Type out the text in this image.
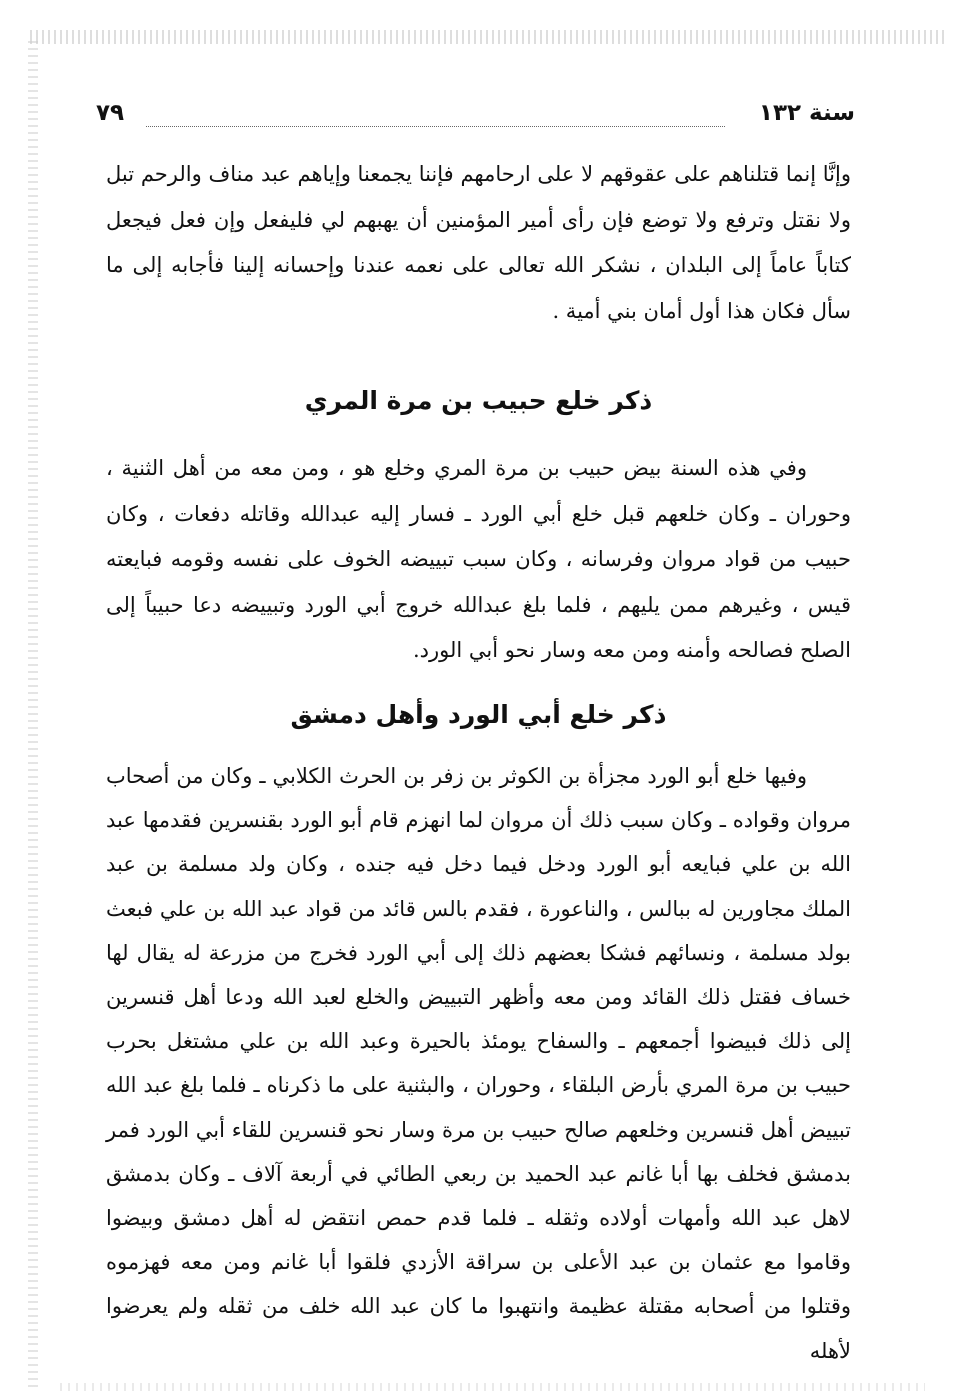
سنة ١٣٢
٧٩

وإنَّا إنما قتلناهم على عقوقهم لا على ارحامهم فإننا يجمعنا وإياهم عبد مناف والرحم تبل ولا نقتل وترفع ولا توضع فإن رأى أمير المؤمنين أن يهبهم لي فليفعل وإن فعل فيجعل كتاباً عاماً إلى البلدان ، نشكر الله تعالى على نعمه عندنا وإحسانه إلينا فأجابه إلى ما سأل فكان هذا أول أمان بني أمية .

ذكر خلع حبيب بن مرة المري

وفي هذه السنة بيض حبيب بن مرة المري وخلع هو ، ومن معه من أهل الثنية ، وحوران ـ وكان خلعهم قبل خلع أبي الورد ـ فسار إليه عبدالله وقاتله دفعات ، وكان حبيب من قواد مروان وفرسانه ، وكان سبب تبييضه الخوف على نفسه وقومه فبايعته قيس ، وغيرهم ممن يليهم ، فلما بلغ عبدالله خروج أبي الورد وتبييضه دعا حبيباً إلى الصلح فصالحه وأمنه ومن معه وسار نحو أبي الورد.

ذكر خلع أبي الورد وأهل دمشق

وفيها خلع أبو الورد مجزأة بن الكوثر بن زفر بن الحرث الكلابي ـ وكان من أصحاب مروان وقواده ـ وكان سبب ذلك أن مروان لما انهزم قام أبو الورد بقنسرين فقدمها عبد الله بن علي فبايعه أبو الورد ودخل فيما دخل فيه جنده ، وكان ولد مسلمة بن عبد الملك مجاورين له ببالس ، والناعورة ، فقدم بالس قائد من قواد عبد الله بن علي فبعث بولد مسلمة ، ونسائهم فشكا بعضهم ذلك إلى أبي الورد فخرج من مزرعة له يقال لها خساف فقتل ذلك القائد ومن معه وأظهر التبييض والخلع لعبد الله ودعا أهل قنسرين إلى ذلك فبيضوا أجمعهم ـ والسفاح يومئذ بالحيرة وعبد الله بن علي مشتغل بحرب حبيب بن مرة المري بأرض البلقاء ، وحوران ، والبثنية على ما ذكرناه ـ فلما بلغ عبد الله تبييض أهل قنسرين وخلعهم صالح حبيب بن مرة وسار نحو قنسرين للقاء أبي الورد فمر بدمشق فخلف بها أبا غانم عبد الحميد بن ربعي الطائي في أربعة آلاف ـ وكان بدمشق لاهل عبد الله وأمهات أولاده وثقله ـ فلما قدم حمص انتقض له أهل دمشق وبيضوا وقاموا مع عثمان بن عبد الأعلى بن سراقة الأزدي فلقوا أبا غانم ومن معه فهزموه وقتلوا من أصحابه مقتلة عظيمة وانتهبوا ما كان عبد الله خلف من ثقله ولم يعرضوا لأهله
